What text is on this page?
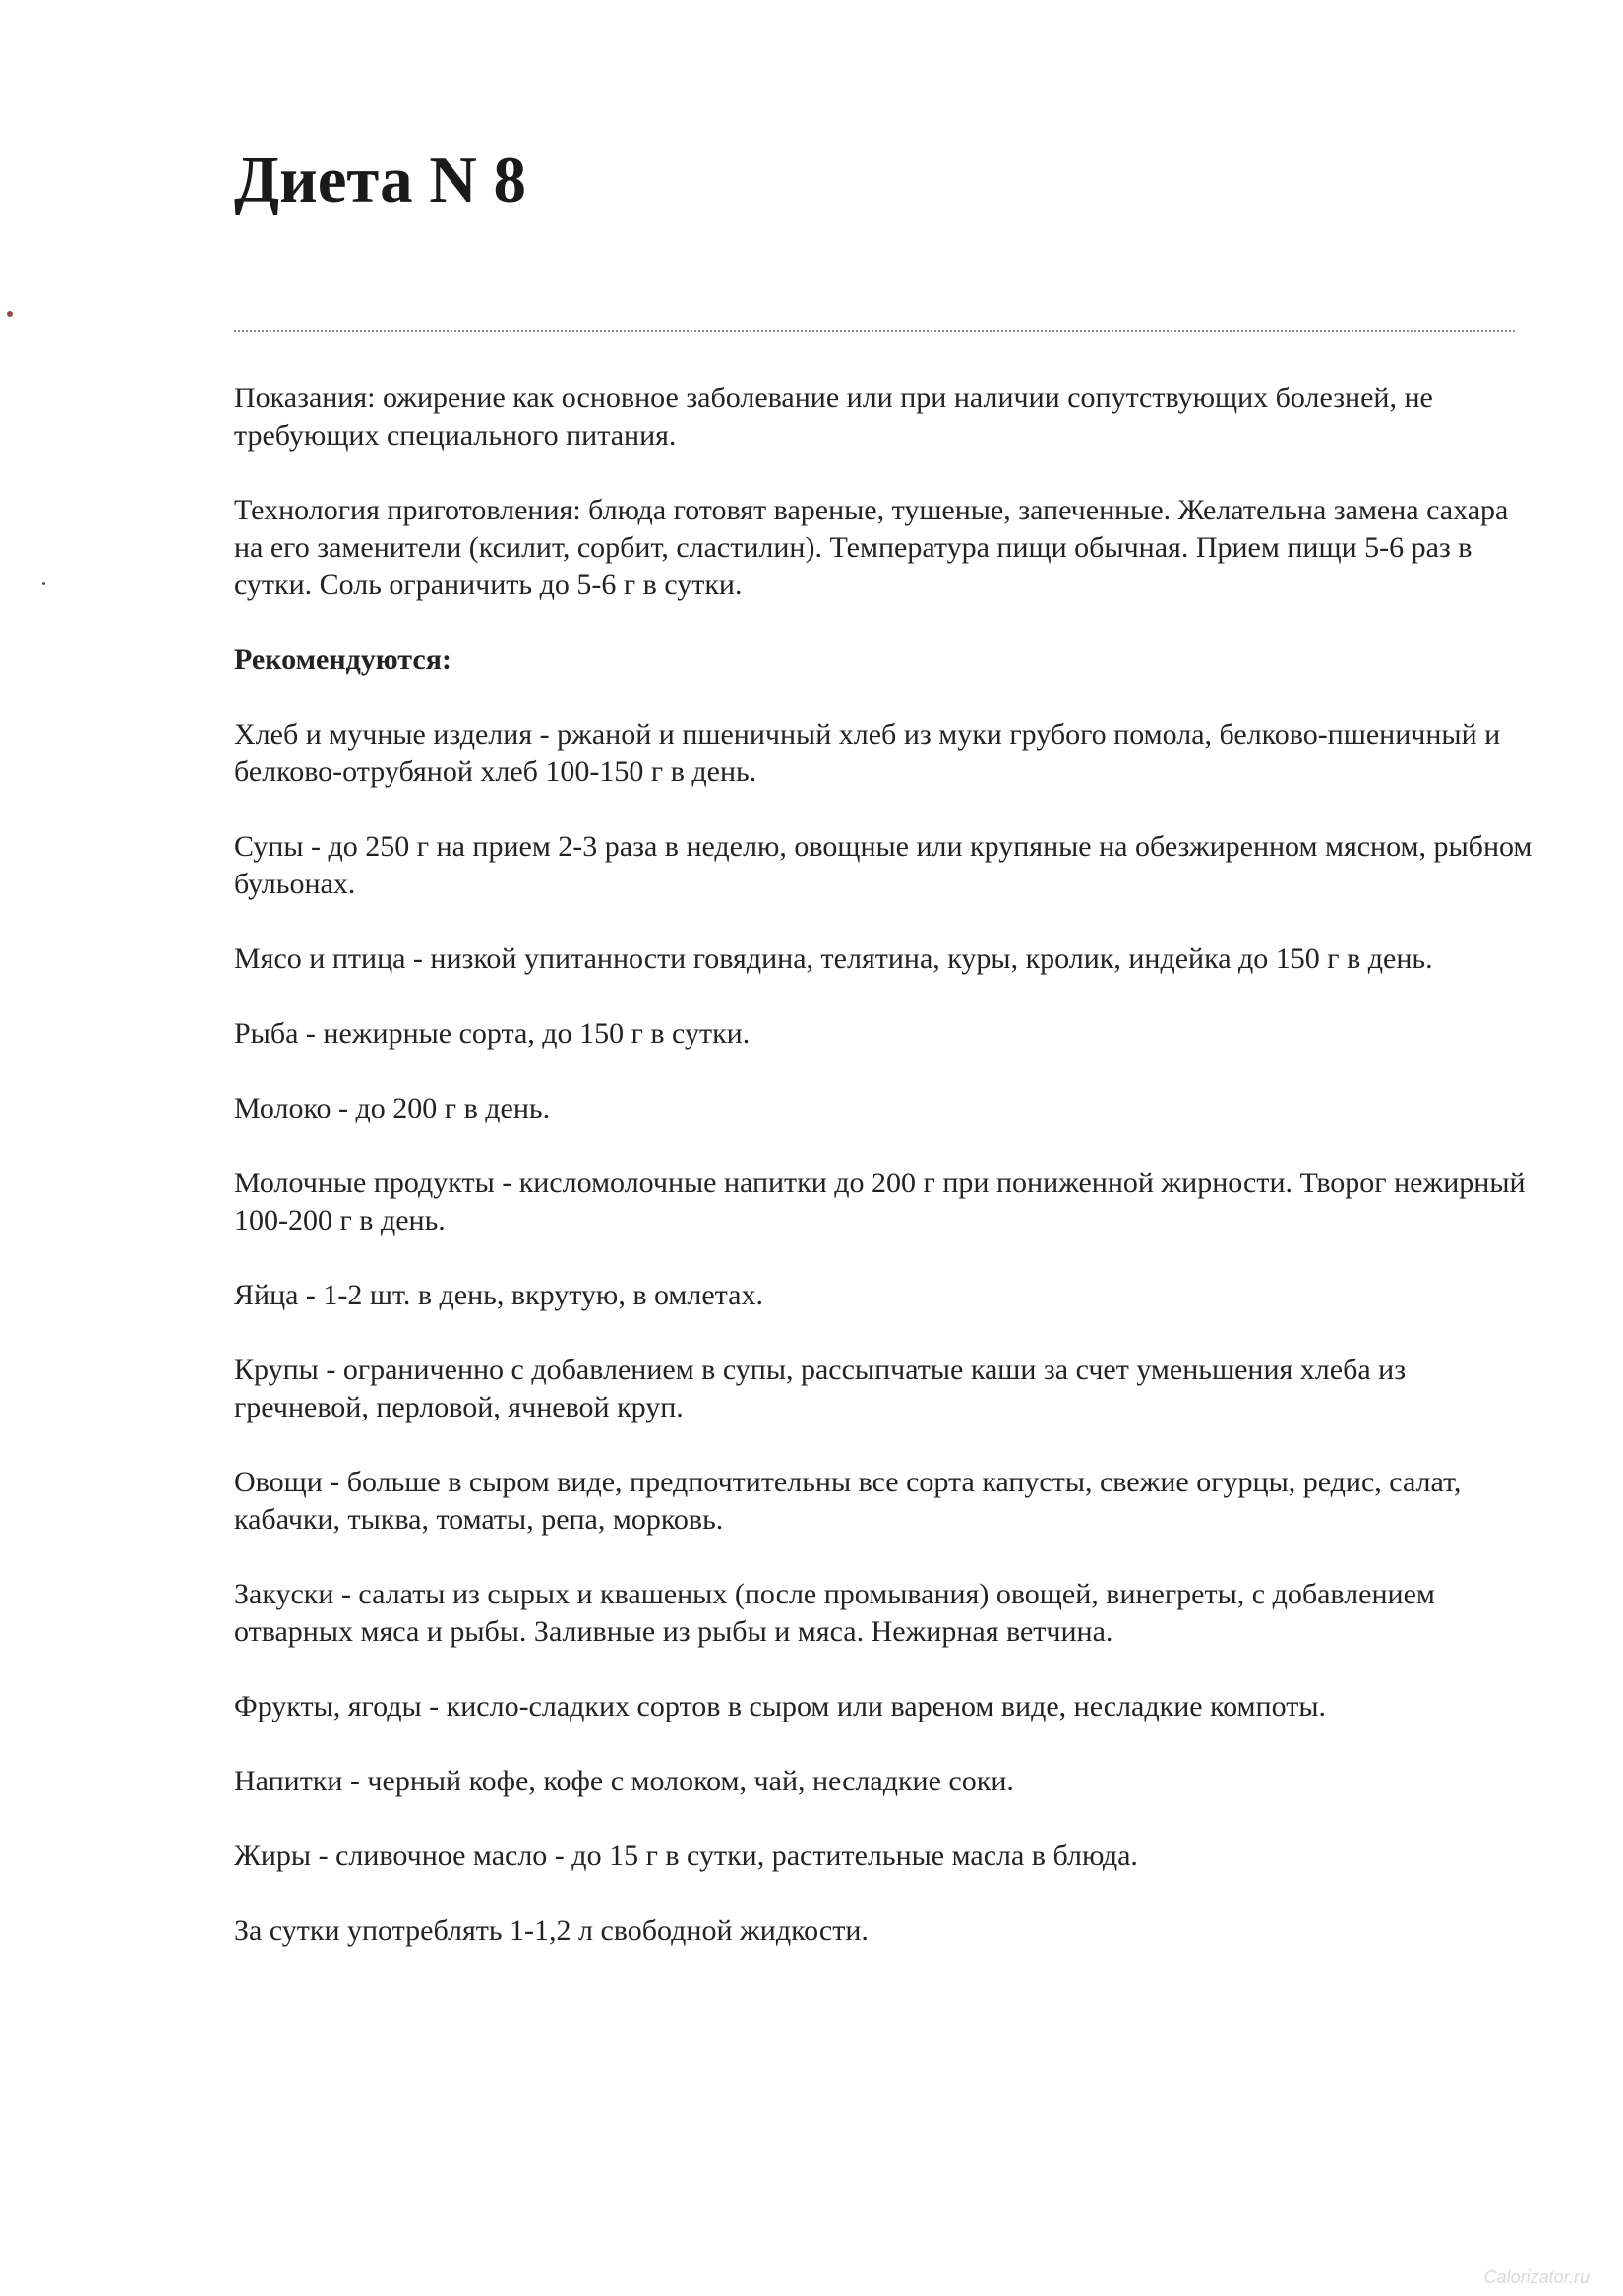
Диета N 8

Показания: ожирение как основное заболевание или при наличии сопутствующих болезней, не требующих специального питания.

Технология приготовления: блюда готовят вареные, тушеные, запеченные. Желательна замена сахара на его заменители (ксилит, сорбит, сластилин). Температура пищи обычная. Прием пищи 5-6 раз в сутки. Соль ограничить до 5-6 г в сутки.

Рекомендуются:

Хлеб и мучные изделия - ржаной и пшеничный хлеб из муки грубого помола, белково-пшеничный и белково-отрубяной хлеб 100-150 г в день.

Супы - до 250 г на прием 2-3 раза в неделю, овощные или крупяные на обезжиренном мясном, рыбном бульонах.

Мясо и птица - низкой упитанности говядина, телятина, куры, кролик, индейка до 150 г в день.

Рыба - нежирные сорта, до 150 г в сутки.

Молоко - до 200 г в день.

Молочные продукты - кисломолочные напитки до 200 г при пониженной жирности. Творог нежирный 100-200 г в день.

Яйца - 1-2 шт. в день, вкрутую, в омлетах.

Крупы - ограниченно с добавлением в супы, рассыпчатые каши за счет уменьшения хлеба из гречневой, перловой, ячневой круп.

Овощи - больше в сыром виде, предпочтительны все сорта капусты, свежие огурцы, редис, салат, кабачки, тыква, томаты, репа, морковь.

Закуски - салаты из сырых и квашеных (после промывания) овощей, винегреты, с добавлением отварных мяса и рыбы. Заливные из рыбы и мяса. Нежирная ветчина.

Фрукты, ягоды - кисло-сладких сортов в сыром или вареном виде, несладкие компоты.

Напитки - черный кофе, кофе с молоком, чай, несладкие соки.

Жиры - сливочное масло - до 15 г в сутки, растительные масла в блюда.

За сутки употреблять 1-1,2 л свободной жидкости.

Calorizator.ru
